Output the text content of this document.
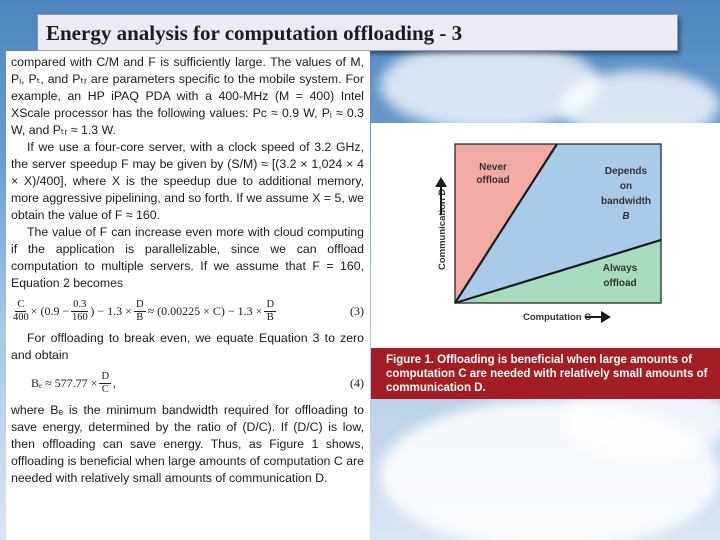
Energy analysis for computation offloading - 3

compared with C/M and F is sufficiently large. The values of M, Pᵢ, Pₜ, and Pₜᵣ are parameters specific to the mobile system. For example, an HP iPAQ PDA with a 400-MHz (M = 400) Intel XScale processor has the following values: Pc ≈ 0.9 W, Pᵢ ≈ 0.3 W, and Pₜᵣ ≈ 1.3 W.

If we use a four-core server, with a clock speed of 3.2 GHz, the server speedup F may be given by (S/M) ≈ [(3.2 × 1,024 × 4 × X)/400], where X is the speedup due to additional memory, more aggressive pipelining, and so forth. If we assume X = 5, we obtain the value of F ≈ 160.

The value of F can increase even more with cloud computing if the application is parallelizable, since we can offload computation to multiple servers. If we assume that F = 160, Equation 2 becomes

$\frac{C}{400}$ ×
($0.9 - \frac{0.3}{160}$ ) − $1.3 \times \frac{D}{B} \approx (0.00225 \times C) - 1.3 \times \frac{D}{B}$	(3)

For offloading to break even, we equate Equation 3 to zero and obtain

$B_e \approx 577.77 \times \frac{D}{C}$ ,	(4)

where Bₑ is the minimum bandwidth required for offloading to save energy, determined by the ratio of (D/C). If (D/C) is low, then offloading can save energy. Thus, as Figure 1 shows, offloading is beneficial when large amounts of computation C are needed with relatively small amounts of communication D.

Never
offload
Depends
on
bandwidth
B
Always
offload
Communication D
Computation C
Figure 1. Offloading is beneficial when large amounts of computation C are needed with relatively small amounts of communication D.
